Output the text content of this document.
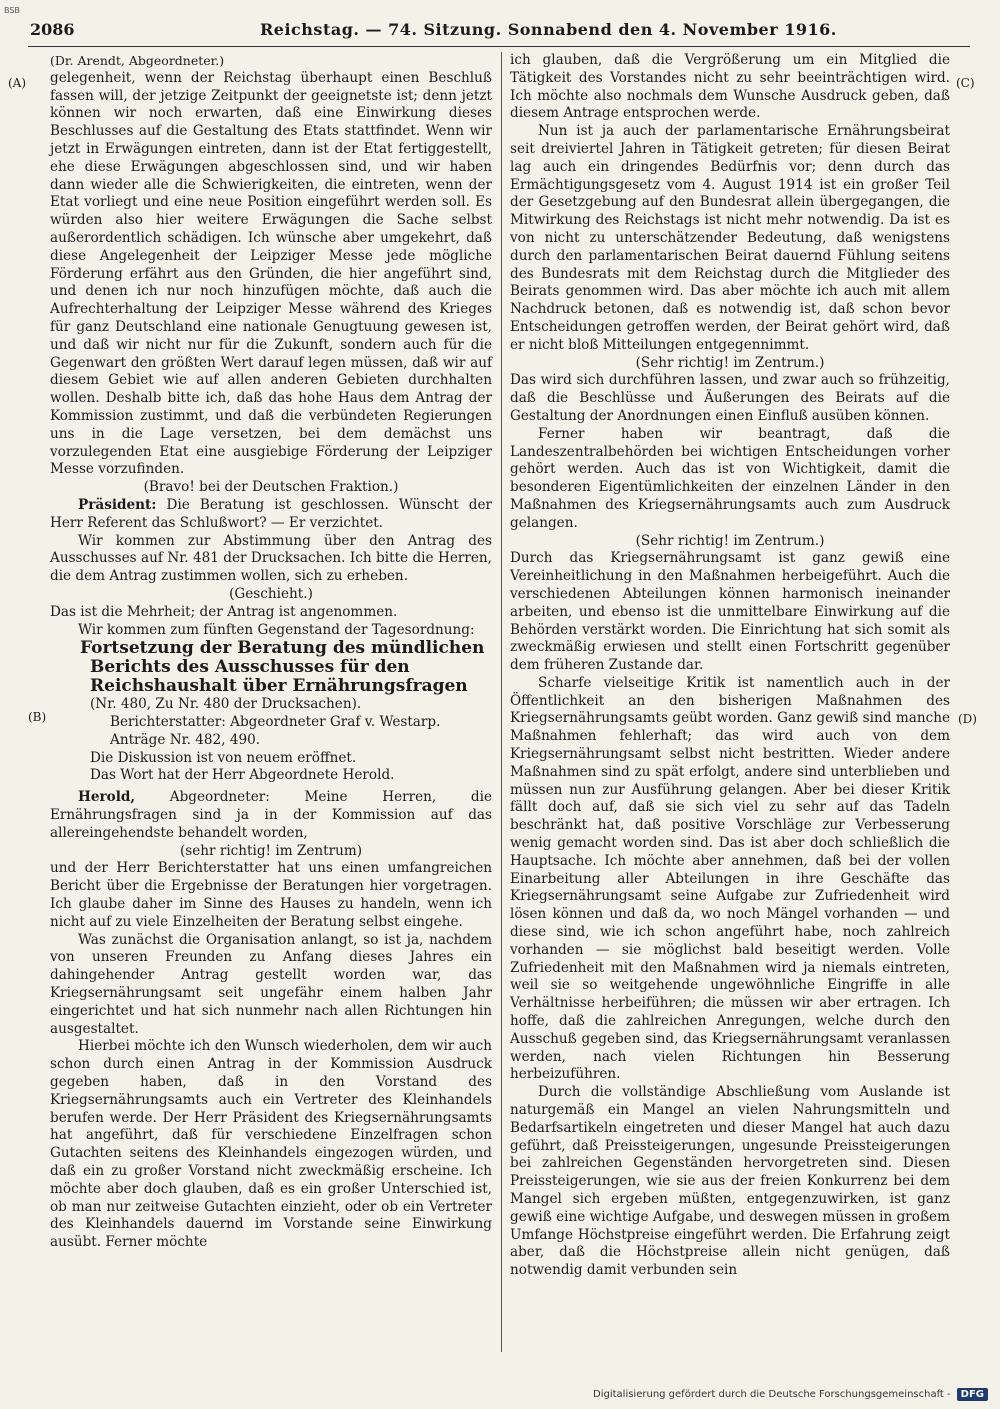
BSB
2086	Reichstag. — 74. Sitzung. Sonnabend den 4. November 1916.
(A)
(B)
(C)
(D)

(Dr. Arendt, Abgeordneter.)

gelegenheit, wenn der Reichstag überhaupt einen Beschluß fassen will, der jetzige Zeitpunkt der geeignetste ist; denn jetzt können wir noch erwarten, daß eine Einwirkung dieses Beschlusses auf die Gestaltung des Etats stattfindet. Wenn wir jetzt in Erwägungen eintreten, dann ist der Etat fertiggestellt, ehe diese Erwägungen abgeschlossen sind, und wir haben dann wieder alle die Schwierigkeiten, die eintreten, wenn der Etat vorliegt und eine neue Position eingeführt werden soll. Es würden also hier weitere Erwägungen die Sache selbst außerordentlich schädigen. Ich wünsche aber umgekehrt, daß diese Angelegenheit der Leipziger Messe jede mögliche Förderung erfährt aus den Gründen, die hier angeführt sind, und denen ich nur noch hinzufügen möchte, daß auch die Aufrechterhaltung der Leipziger Messe während des Krieges für ganz Deutschland eine nationale Genugtuung gewesen ist, und daß wir nicht nur für die Zukunft, sondern auch für die Gegenwart den größten Wert darauf legen müssen, daß wir auf diesem Gebiet wie auf allen anderen Gebieten durchhalten wollen. Deshalb bitte ich, daß das hohe Haus dem Antrag der Kommission zustimmt, und daß die verbündeten Regierungen uns in die Lage versetzen, bei dem demächst uns vorzulegenden Etat eine ausgiebige Förderung der Leipziger Messe vorzufinden.

(Bravo! bei der Deutschen Fraktion.)

Präsident: Die Beratung ist geschlossen. Wünscht der Herr Referent das Schlußwort? — Er verzichtet.

Wir kommen zur Abstimmung über den Antrag des Ausschusses auf Nr. 481 der Drucksachen. Ich bitte die Herren, die dem Antrag zustimmen wollen, sich zu erheben.

(Geschieht.)

Das ist die Mehrheit; der Antrag ist angenommen.

Wir kommen zum fünften Gegenstand der Tagesordnung:

Fortsetzung der Beratung des mündlichen Berichts des Ausschusses für den Reichshaushalt über Ernährungsfragen

(Nr. 480, Zu Nr. 480 der Drucksachen).

Berichterstatter: Abgeordneter Graf v. Westarp.

Anträge Nr. 482, 490.

Die Diskussion ist von neuem eröffnet.

Das Wort hat der Herr Abgeordnete Herold.

Herold,	Abgeordneter: Meine Herren, die Ernährungsfragen sind ja in der Kommission auf das allereingehendste behandelt worden,

(sehr richtig! im Zentrum)

und der Herr Berichterstatter hat uns einen umfangreichen Bericht über die Ergebnisse der Beratungen hier vorgetragen. Ich glaube daher im Sinne des Hauses zu handeln, wenn ich nicht auf zu viele Einzelheiten der Beratung selbst eingehe.

Was zunächst die Organisation anlangt, so ist ja, nachdem von unseren Freunden zu Anfang dieses Jahres ein dahingehender Antrag gestellt worden war, das Kriegsernährungsamt seit ungefähr einem halben Jahr eingerichtet und hat sich nunmehr nach allen Richtungen hin ausgestaltet.

Hierbei möchte ich den Wunsch wiederholen, dem wir auch schon durch einen Antrag in der Kommission Ausdruck gegeben haben, daß in den Vorstand des Kriegsernährungsamts auch ein Vertreter des Kleinhandels berufen werde. Der Herr Präsident des Kriegsernährungsamts hat angeführt, daß für verschiedene Einzelfragen schon Gutachten seitens des Kleinhandels eingezogen würden, und daß ein zu großer Vorstand nicht zweckmäßig erscheine. Ich möchte aber doch glauben, daß es ein großer Unterschied ist, ob man nur zeitweise Gutachten einzieht, oder ob ein Vertreter des Kleinhandels dauernd im Vorstande seine Einwirkung ausübt. Ferner möchte

ich glauben, daß die Vergrößerung um ein Mitglied die Tätigkeit des Vorstandes nicht zu sehr beeinträchtigen wird. Ich möchte also nochmals dem Wunsche Ausdruck geben, daß diesem Antrage entsprochen werde.

Nun ist ja auch der parlamentarische Ernährungsbeirat seit dreiviertel Jahren in Tätigkeit getreten; für diesen Beirat lag auch ein dringendes Bedürfnis vor; denn durch das Ermächtigungsgesetz vom 4. August 1914 ist ein großer Teil der Gesetzgebung auf den Bundesrat allein übergegangen, die Mitwirkung des Reichstags ist nicht mehr notwendig. Da ist es von nicht zu unterschätzender Bedeutung, daß wenigstens durch den parlamentarischen Beirat dauernd Fühlung seitens des Bundesrats mit dem Reichstag durch die Mitglieder des Beirats genommen wird. Das aber möchte ich auch mit allem Nachdruck betonen, daß es notwendig ist, daß schon bevor Entscheidungen getroffen werden, der Beirat gehört wird, daß er nicht bloß Mitteilungen entgegennimmt.

(Sehr richtig! im Zentrum.)

Das wird sich durchführen lassen, und zwar auch so frühzeitig, daß die Beschlüsse und Äußerungen des Beirats auf die Gestaltung der Anordnungen einen Einfluß ausüben können.

Ferner haben wir beantragt, daß die Landeszentralbehörden bei wichtigen Entscheidungen vorher gehört werden. Auch das ist von Wichtigkeit, damit die besonderen Eigentümlichkeiten der einzelnen Länder in den Maßnahmen des Kriegsernährungsamts auch zum Ausdruck gelangen.

(Sehr richtig! im Zentrum.)

Durch das Kriegsernährungsamt ist ganz gewiß eine Vereinheitlichung in den Maßnahmen herbeigeführt. Auch die verschiedenen Abteilungen können harmonisch ineinander arbeiten, und ebenso ist die unmittelbare Einwirkung auf die Behörden verstärkt worden. Die Einrichtung hat sich somit als zweckmäßig erwiesen und stellt einen Fortschritt gegenüber dem früheren Zustande dar.

Scharfe vielseitige Kritik ist namentlich auch in der Öffentlichkeit an den bisherigen Maßnahmen des Kriegsernährungsamts geübt worden. Ganz gewiß sind manche Maßnahmen fehlerhaft; das wird auch von dem Kriegsernährungsamt selbst nicht bestritten. Wieder andere Maßnahmen sind zu spät erfolgt, andere sind unterblieben und müssen nun zur Ausführung gelangen. Aber bei dieser Kritik fällt doch auf, daß sie sich viel zu sehr auf das Tadeln beschränkt hat, daß positive Vorschläge zur Verbesserung wenig gemacht worden sind. Das ist aber doch schließlich die Hauptsache. Ich möchte aber annehmen, daß bei der vollen Einarbeitung aller Abteilungen in ihre Geschäfte das Kriegsernährungsamt seine Aufgabe zur Zufriedenheit wird lösen können und daß da, wo noch Mängel vorhanden — und diese sind, wie ich schon angeführt habe, noch zahlreich vorhanden — sie möglichst bald beseitigt werden. Volle Zufriedenheit mit den Maßnahmen wird ja niemals eintreten, weil sie so weitgehende ungewöhnliche Eingriffe in alle Verhältnisse herbeiführen; die müssen wir aber ertragen. Ich hoffe, daß die zahlreichen Anregungen, welche durch den Ausschuß gegeben sind, das Kriegsernährungsamt veranlassen werden, nach vielen Richtungen hin Besserung herbeizuführen.

Durch die vollständige Abschließung vom Auslande ist naturgemäß ein Mangel an vielen Nahrungsmitteln und Bedarfsartikeln eingetreten und dieser Mangel hat auch dazu geführt, daß Preissteigerungen, ungesunde Preissteigerungen bei zahlreichen Gegenständen hervorgetreten sind. Diesen Preissteigerungen, wie sie aus der freien Konkurrenz bei dem Mangel sich ergeben müßten, entgegenzuwirken, ist ganz gewiß eine wichtige Aufgabe, und deswegen müssen in großem Umfange Höchstpreise eingeführt werden. Die Erfahrung zeigt aber, daß die Höchstpreise allein nicht genügen, daß notwendig damit verbunden sein

Digitalisierung gefördert durch die Deutsche Forschungsgemeinschaft -	DFG
